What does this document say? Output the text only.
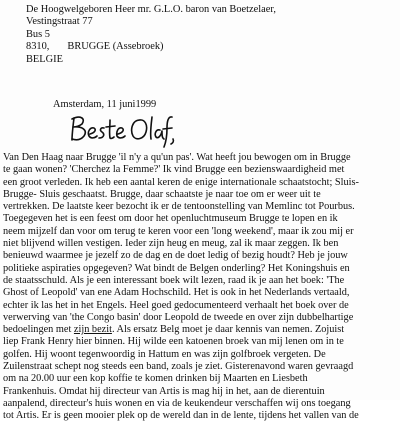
De Hoogwelgeboren Heer mr. G.L.O. baron van Boetzelaer,
Vestingstraat 77
Bus 5
8310, BRUGGE (Assebroek)
BELGIE
Amsterdam, 11 juni1999
Van Den Haag naar Brugge 'il n'y a qu'un pas'. Wat heeft jou bewogen om in Brugge
te gaan wonen? 'Cherchez la Femme?' Ik vind Brugge een bezienswaardigheid met
een groot verleden. Ik heb een aantal keren de enige internationale schaatstocht; Sluis-
Brugge- Sluis geschaatst. Brugge, daar schaatste je naar toe om er weer uit te
vertrekken. De laatste keer bezocht ik er de tentoonstelling van Memlinc tot Pourbus.
Toegegeven het is een feest om door het openluchtmuseum Brugge te lopen en ik
neem mijzelf dan voor om terug te keren voor een 'long weekend', maar ik zou mij er
niet blijvend willen vestigen. Ieder zijn heug en meug, zal ik maar zeggen. Ik ben
benieuwd waarmee je jezelf zo de dag en de doet ledig of bezig houdt? Heb je jouw
politieke aspiraties opgegeven? Wat bindt de Belgen onderling? Het Koningshuis en
de staatsschuld. Als je een interessant boek wilt lezen, raad ik je aan het boek: 'The
Ghost of Leopold' van ene Adam Hochschild. Het is ook in het Nederlands vertaald,
echter ik las het in het Engels. Heel goed gedocumenteerd verhaalt het boek over de
verwerving van 'the Congo basin' door Leopold de tweede en over zijn dubbelhartige
bedoelingen met zijn bezit. Als ersatz Belg moet je daar kennis van nemen. Zojuist
liep Frank Henry hier binnen. Hij wilde een katoenen broek van mij lenen om in te
golfen. Hij woont tegenwoordig in Hattum en was zijn golfbroek vergeten. De
Zuilenstraat schept nog steeds een band, zoals je ziet. Gisterenavond waren gevraagd
om na 20.00 uur een kop koffie te komen drinken bij Maarten en Liesbeth
Frankenhuis. Omdat hij directeur van Artis is mag hij in het, aan de dierentuin
aanpalend, directeur's huis wonen en via de keukendeur verschaffen wij ons toegang
tot Artis. Er is geen mooier plek op de wereld dan in de lente, tijdens het vallen van de
